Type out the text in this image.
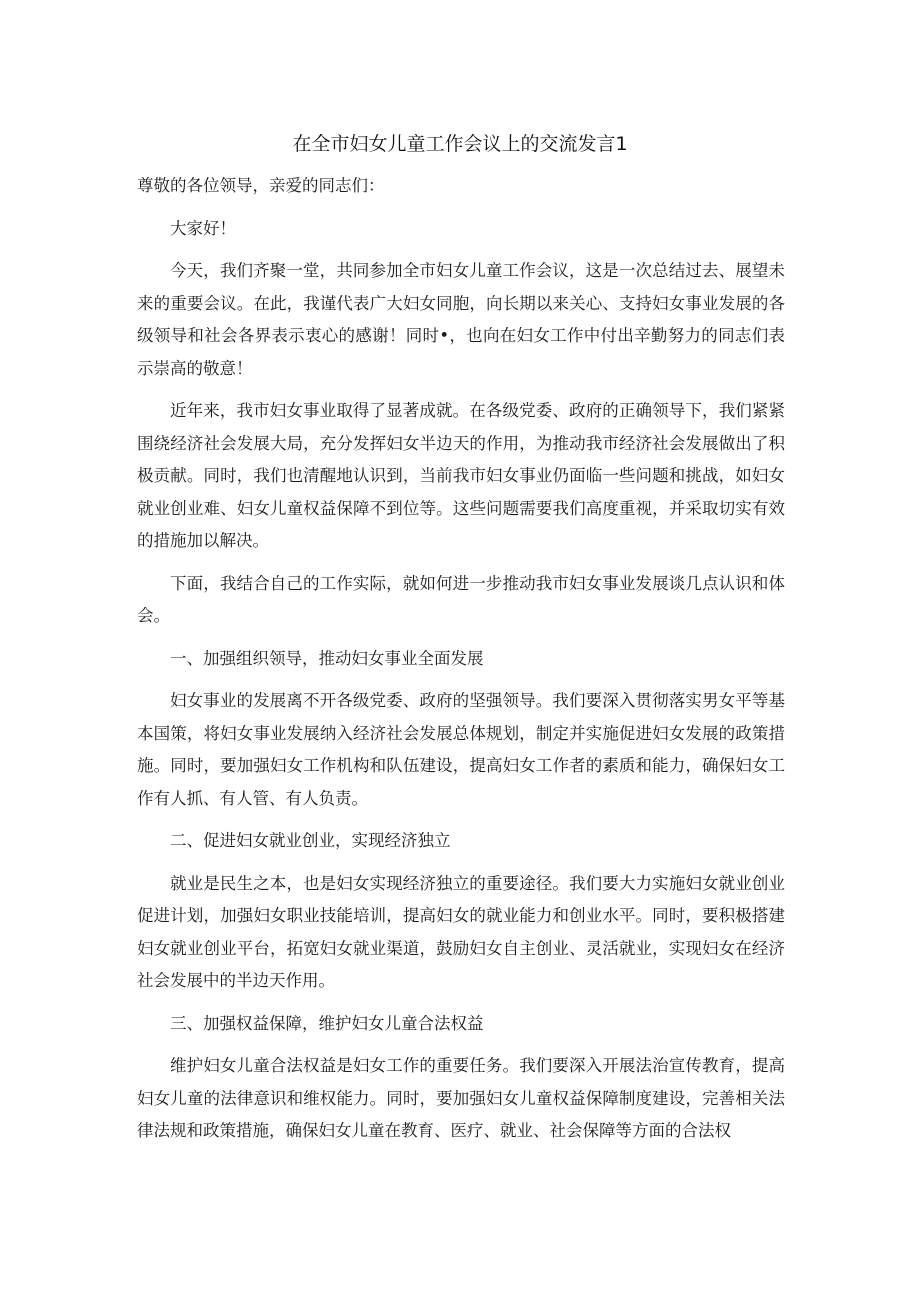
在全市妇女儿童工作会议上的交流发言1

尊敬的各位领导，亲爱的同志们：

大家好！

今天，我们齐聚一堂，共同参加全市妇女儿童工作会议，这是一次总结过去、展望未来的重要会议。在此，我谨代表广大妇女同胞，向长期以来关心、支持妇女事业发展的各级领导和社会各界表示衷心的感谢！同时•，也向在妇女工作中付出辛勤努力的同志们表示崇高的敬意！

近年来，我市妇女事业取得了显著成就。在各级党委、政府的正确领导下，我们紧紧围绕经济社会发展大局，充分发挥妇女半边天的作用，为推动我市经济社会发展做出了积极贡献。同时，我们也清醒地认识到，当前我市妇女事业仍面临一些问题和挑战，如妇女就业创业难、妇女儿童权益保障不到位等。这些问题需要我们高度重视，并采取切实有效的措施加以解决。

下面，我结合自己的工作实际，就如何进一步推动我市妇女事业发展谈几点认识和体会。

一、加强组织领导，推动妇女事业全面发展

妇女事业的发展离不开各级党委、政府的坚强领导。我们要深入贯彻落实男女平等基本国策，将妇女事业发展纳入经济社会发展总体规划，制定并实施促进妇女发展的政策措施。同时，要加强妇女工作机构和队伍建设，提高妇女工作者的素质和能力，确保妇女工作有人抓、有人管、有人负责。

二、促进妇女就业创业，实现经济独立

就业是民生之本，也是妇女实现经济独立的重要途径。我们要大力实施妇女就业创业促进计划，加强妇女职业技能培训，提高妇女的就业能力和创业水平。同时，要积极搭建妇女就业创业平台，拓宽妇女就业渠道，鼓励妇女自主创业、灵活就业，实现妇女在经济社会发展中的半边天作用。

三、加强权益保障，维护妇女儿童合法权益

维护妇女儿童合法权益是妇女工作的重要任务。我们要深入开展法治宣传教育，提高妇女儿童的法律意识和维权能力。同时，要加强妇女儿童权益保障制度建设，完善相关法律法规和政策措施，确保妇女儿童在教育、医疗、就业、社会保障等方面的合法权
